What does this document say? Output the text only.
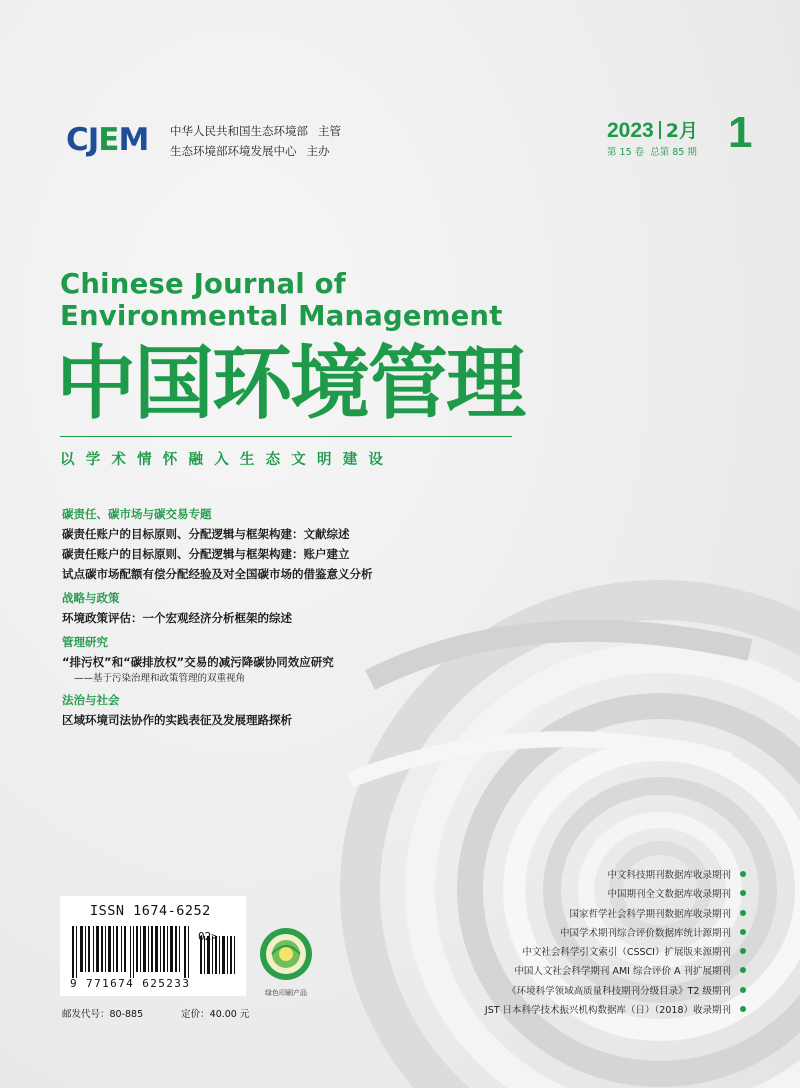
CJEM 中华人民共和国生态环境部 主管
生态环境部环境发展中心 主办
2023 2月
第 15 卷 总第 85 期 1
Chinese Journal of
Environmental Management
中国环境管理
以学术情怀融入生态文明建设
碳责任、碳市场与碳交易专题
碳责任账户的目标原则、分配逻辑与框架构建：文献综述
碳责任账户的目标原则、分配逻辑与框架构建：账户建立
试点碳市场配额有偿分配经验及对全国碳市场的借鉴意义分析
战略与政策
环境政策评估：一个宏观经济分析框架的综述
管理研究
“排污权”和“碳排放权”交易的减污降碳协同效应研究
——基于污染治理和政策管理的双重视角
法治与社会
区域环境司法协作的实践表征及发展理路探析
中文科技期刊数据库收录期刊
中国期刊全文数据库收录期刊
国家哲学社会科学期刊数据库收录期刊
中国学术期刊综合评价数据库统计源期刊
中文社会科学引文索引（CSSCI）扩展版来源期刊
中国人文社会科学期刊 AMI 综合评价 A 刊扩展期刊
《环境科学领域高质量科技期刊分级目录》T2 级期刊
JST 日本科学技术振兴机构数据库（日）（2018）收录期刊
ISSN 1674-6252
02>
9 771674 625233
绿色印刷产品
邮发代号：80-885	定价：40.00 元
